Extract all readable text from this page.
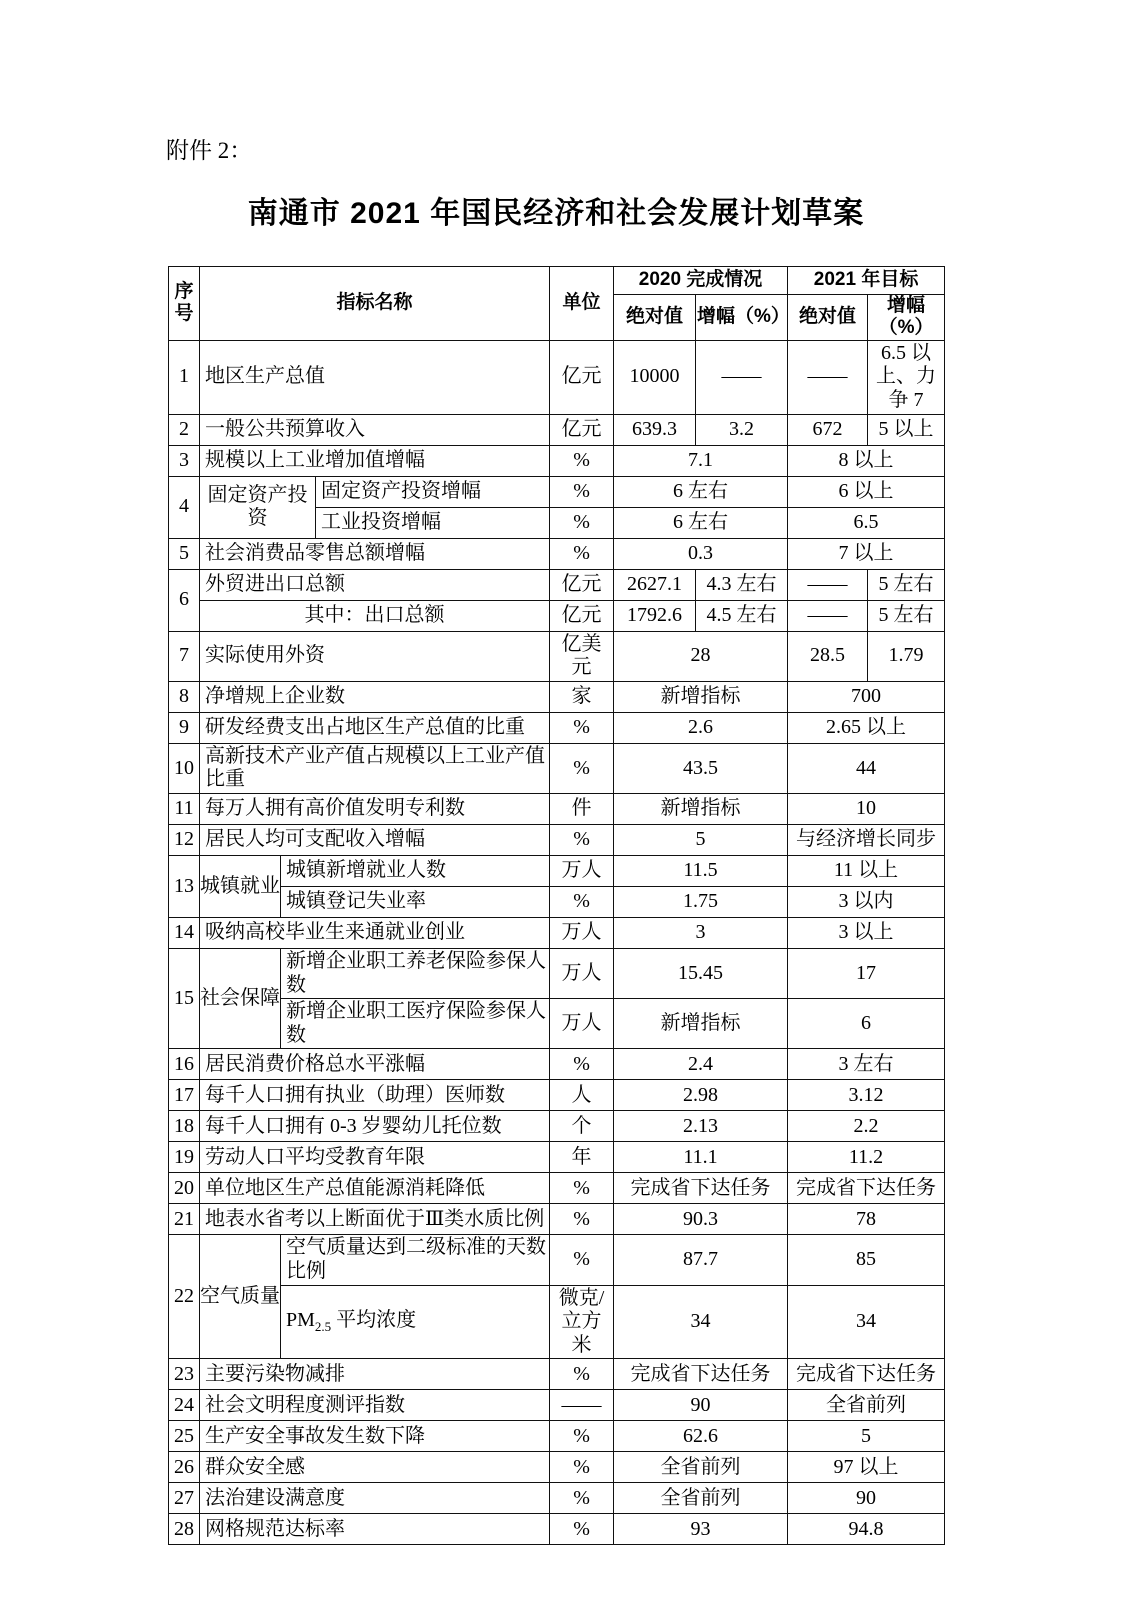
附件 2：
南通市 2021 年国民经济和社会发展计划草案
序号	指标名称			单位	2020 完成情况		2021 年目标	
					绝对值	增幅（%）	绝对值	增幅（%）
1	地区生产总值			亿元	10000	——	——	6.5 以上、力争 7
2	一般公共预算收入			亿元	639.3	3.2	672	5 以上
3	规模以上工业增加值增幅			%	7.1		8 以上	
4	固定资产投资		固定资产投资增幅	%	6 左右		6 以上	
			工业投资增幅	%	6 左右		6.5	
5	社会消费品零售总额增幅			%	0.3		7 以上	
6	外贸进出口总额			亿元	2627.1	4.3 左右	——	5 左右
	其中：出口总额			亿元	1792.6	4.5 左右	——	5 左右
7	实际使用外资			亿美元	28		28.5	1.79
8	净增规上企业数			家	新增指标		700	
9	研发经费支出占地区生产总值的比重			%	2.6		2.65 以上	
10	高新技术产业产值占规模以上工业产值比重			%	43.5		44	
11	每万人拥有高价值发明专利数			件	新增指标		10	
12	居民人均可支配收入增幅			%	5		与经济增长同步	
13	城镇就业	城镇新增就业人数		万人	11.5		11 以上	
		城镇登记失业率		%	1.75		3 以内	
14	吸纳高校毕业生来通就业创业			万人	3		3 以上	
15	社会保障	新增企业职工养老保险参保人数		万人	15.45		17	
		新增企业职工医疗保险参保人数		万人	新增指标		6	
16	居民消费价格总水平涨幅			%	2.4		3 左右	
17	每千人口拥有执业（助理）医师数			人	2.98		3.12	
18	每千人口拥有 0-3 岁婴幼儿托位数			个	2.13		2.2	
19	劳动人口平均受教育年限			年	11.1		11.2	
20	单位地区生产总值能源消耗降低			%	完成省下达任务		完成省下达任务	
21	地表水省考以上断面优于Ⅲ类水质比例			%	90.3		78	
22	空气质量	空气质量达到二级标准的天数比例		%	87.7		85	
		$PM_{2.5}$ 平均浓度		微克/立方米	34		34	
23	主要污染物减排			%	完成省下达任务		完成省下达任务	
24	社会文明程度测评指数			——	90		全省前列	
25	生产安全事故发生数下降			%	62.6		5	
26	群众安全感			%	全省前列		97 以上	
27	法治建设满意度			%	全省前列		90	
28	网格规范达标率			%	93		94.8	
